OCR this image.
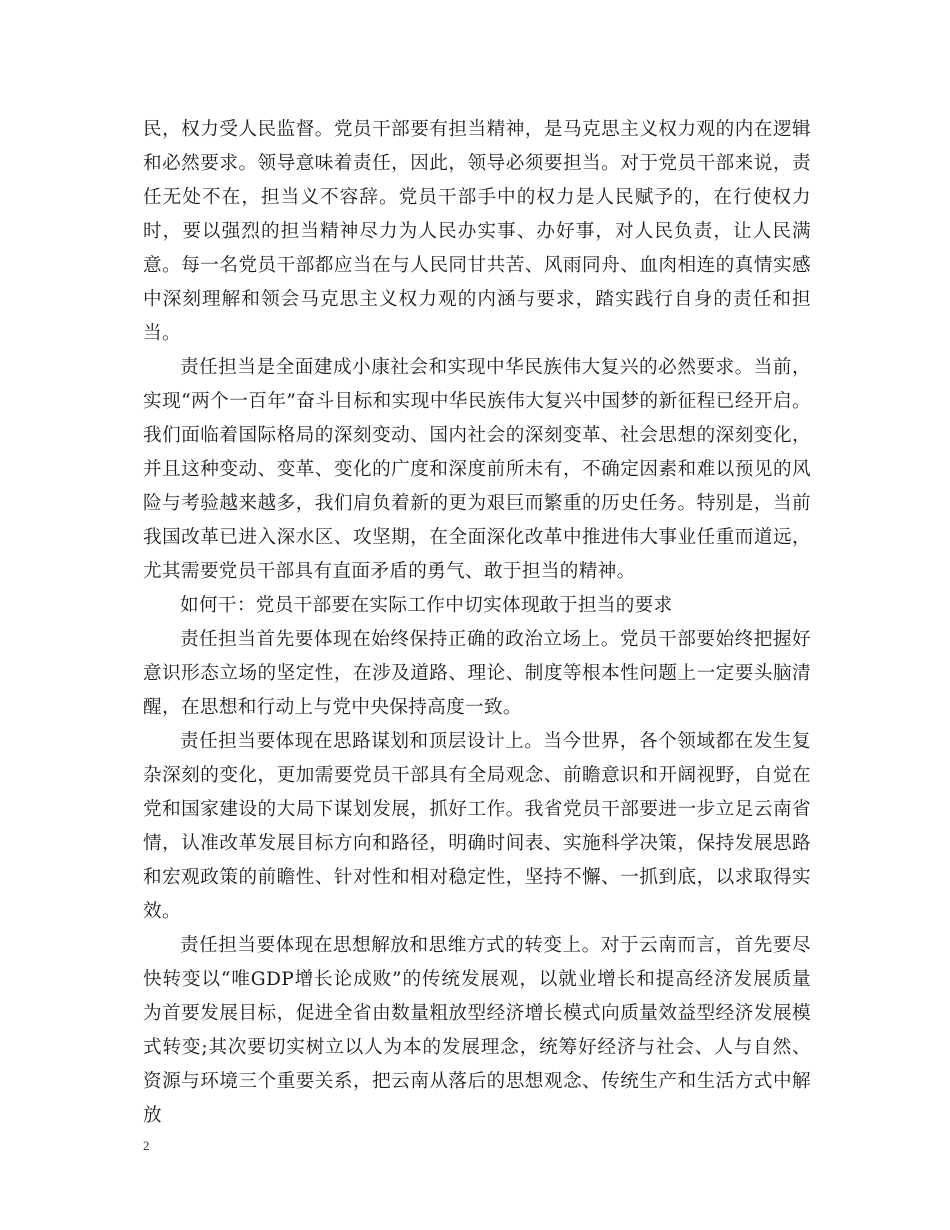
民，权力受人民监督。党员干部要有担当精神，是马克思主义权力观的内在逻辑和必然要求。领导意味着责任，因此，领导必须要担当。对于党员干部来说，责任无处不在，担当义不容辞。党员干部手中的权力是人民赋予的，在行使权力时，要以强烈的担当精神尽力为人民办实事、办好事，对人民负责，让人民满意。每一名党员干部都应当在与人民同甘共苦、风雨同舟、血肉相连的真情实感中深刻理解和领会马克思主义权力观的内涵与要求，踏实践行自身的责任和担当。

责任担当是全面建成小康社会和实现中华民族伟大复兴的必然要求。当前，实现“两个一百年”奋斗目标和实现中华民族伟大复兴中国梦的新征程已经开启。我们面临着国际格局的深刻变动、国内社会的深刻变革、社会思想的深刻变化，并且这种变动、变革、变化的广度和深度前所未有，不确定因素和难以预见的风险与考验越来越多，我们肩负着新的更为艰巨而繁重的历史任务。特别是，当前我国改革已进入深水区、攻坚期，在全面深化改革中推进伟大事业任重而道远，尤其需要党员干部具有直面矛盾的勇气、敢于担当的精神。

如何干：党员干部要在实际工作中切实体现敢于担当的要求

责任担当首先要体现在始终保持正确的政治立场上。党员干部要始终把握好意识形态立场的坚定性，在涉及道路、理论、制度等根本性问题上一定要头脑清醒，在思想和行动上与党中央保持高度一致。

责任担当要体现在思路谋划和顶层设计上。当今世界，各个领域都在发生复杂深刻的变化，更加需要党员干部具有全局观念、前瞻意识和开阔视野，自觉在党和国家建设的大局下谋划发展，抓好工作。我省党员干部要进一步立足云南省情，认准改革发展目标方向和路径，明确时间表、实施科学决策，保持发展思路和宏观政策的前瞻性、针对性和相对稳定性，坚持不懈、一抓到底，以求取得实效。

责任担当要体现在思想解放和思维方式的转变上。对于云南而言，首先要尽快转变以“唯GDP增长论成败”的传统发展观，以就业增长和提高经济发展质量为首要发展目标，促进全省由数量粗放型经济增长模式向质量效益型经济发展模式转变;其次要切实树立以人为本的发展理念，统筹好经济与社会、人与自然、资源与环境三个重要关系，把云南从落后的思想观念、传统生产和生活方式中解放

2
